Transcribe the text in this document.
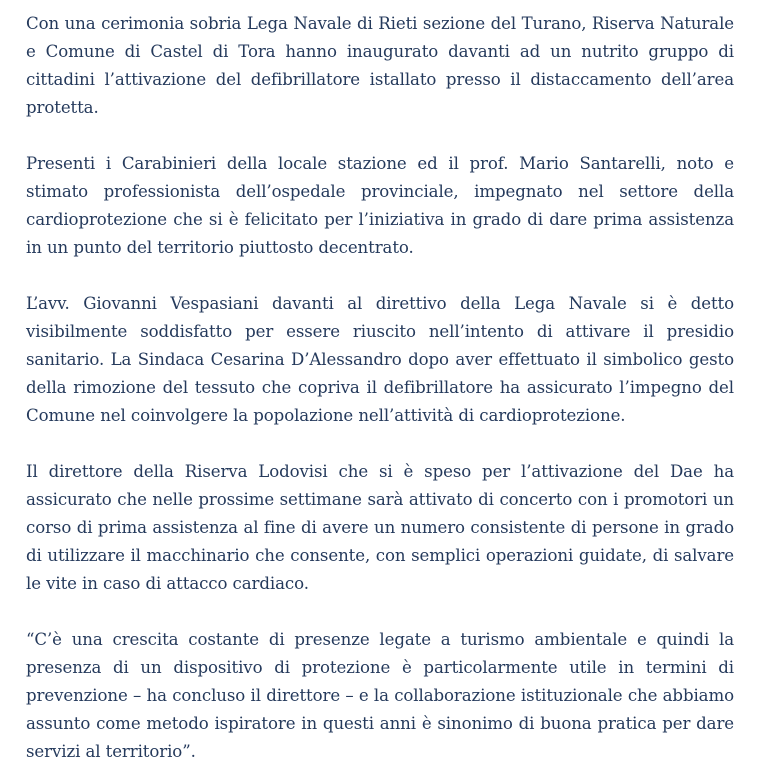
Con una cerimonia sobria Lega Navale di Rieti sezione del Turano, Riserva Naturale e Comune di Castel di Tora hanno inaugurato davanti ad un nutrito gruppo di cittadini l’attivazione del defibrillatore istallato presso il distaccamento dell’area protetta.

Presenti i Carabinieri della locale stazione ed il prof. Mario Santarelli, noto e stimato professionista dell’ospedale provinciale, impegnato nel settore della cardioprotezione che si è felicitato per l’iniziativa in grado di dare prima assistenza in un punto del territorio piuttosto decentrato.

L’avv. Giovanni Vespasiani davanti al direttivo della Lega Navale si è detto visibilmente soddisfatto per essere riuscito nell’intento di attivare il presidio sanitario. La Sindaca Cesarina D’Alessandro dopo aver effettuato il simbolico gesto della rimozione del tessuto che copriva il defibrillatore ha assicurato l’impegno del Comune nel coinvolgere la popolazione nell’attività di cardioprotezione.

Il direttore della Riserva Lodovisi che si è speso per l’attivazione del Dae ha assicurato che nelle prossime settimane sarà attivato di concerto con i promotori un corso di prima assistenza al fine di avere un numero consistente di persone in grado di utilizzare il macchinario che consente, con semplici operazioni guidate, di salvare le vite in caso di attacco cardiaco.

“C’è una crescita costante di presenze legate a turismo ambientale e quindi la presenza di un dispositivo di protezione è particolarmente utile in termini di prevenzione – ha concluso il direttore – e la collaborazione istituzionale che abbiamo assunto come metodo ispiratore in questi anni è sinonimo di buona pratica per dare servizi al territorio”.
